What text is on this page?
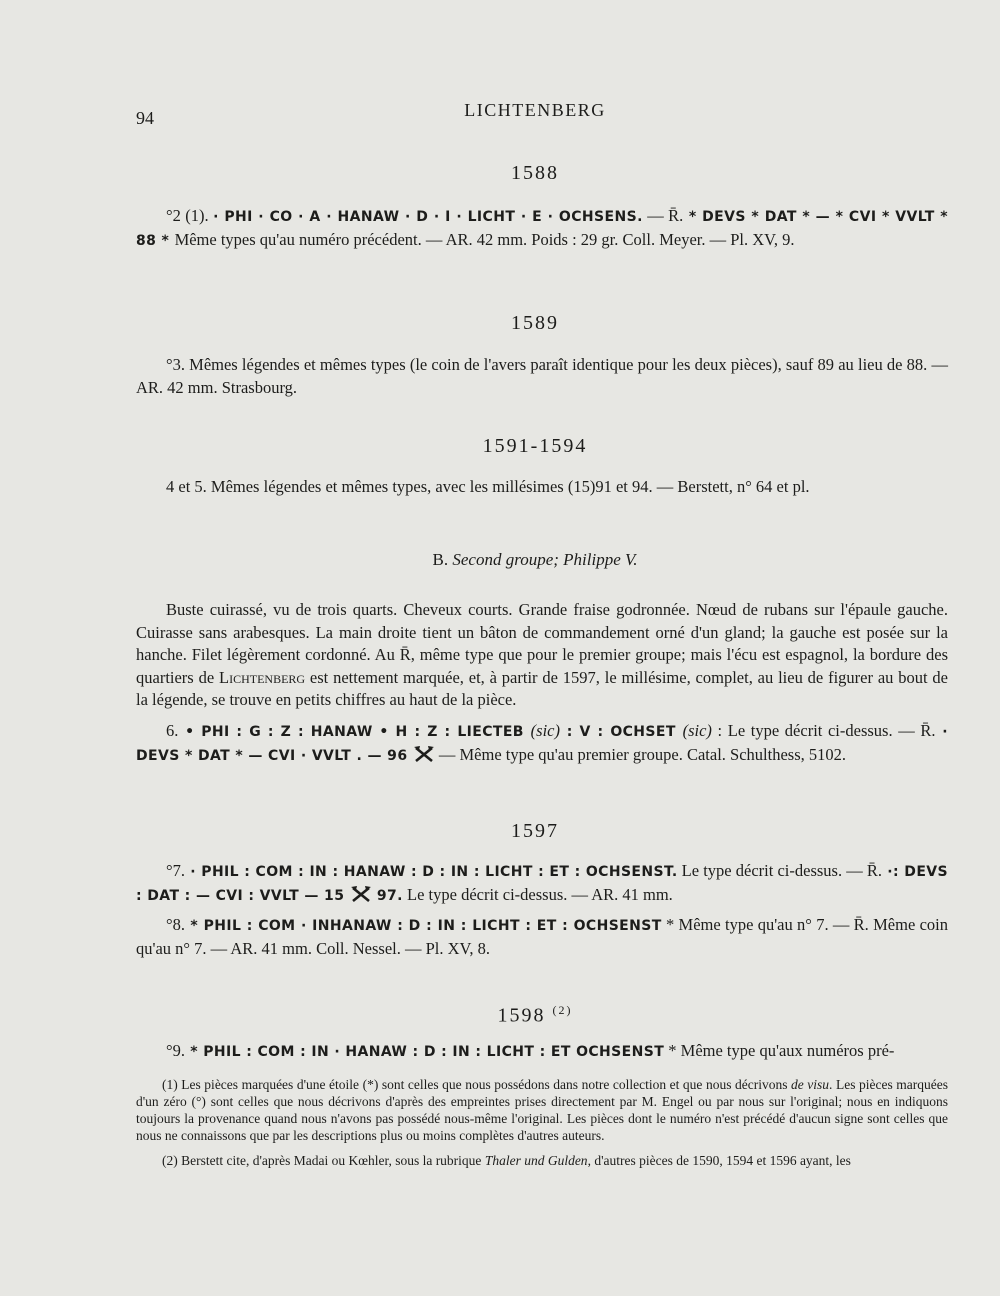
94	LICHTENBERG
1588
°2 (1). · PHI · CO · A · HANAW · D · I · LICHT · E · OCHSENS. — R̄. * DEVS * DAT * — * CVI * VVLT * 88 * Même types qu'au numéro précédent. — AR. 42 mm. Poids : 29 gr. Coll. Meyer. — Pl. XV, 9.
1589
°3. Mêmes légendes et mêmes types (le coin de l'avers paraît identique pour les deux pièces), sauf 89 au lieu de 88. — AR. 42 mm. Strasbourg.
1591-1594
4 et 5. Mêmes légendes et mêmes types, avec les millésimes (15)91 et 94. — Berstett, n° 64 et pl.
B. Second groupe; Philippe V.
Buste cuirassé, vu de trois quarts. Cheveux courts. Grande fraise godronnée. Nœud de rubans sur l'épaule gauche. Cuirasse sans arabesques. La main droite tient un bâton de commandement orné d'un gland; la gauche est posée sur la hanche. Filet légèrement cordonné. Au R̄, même type que pour le premier groupe; mais l'écu est espagnol, la bordure des quartiers de Lichtenberg est nettement marquée, et, à partir de 1597, le millésime, complet, au lieu de figurer au bout de la légende, se trouve en petits chiffres au haut de la pièce.
6. • PHI : G : Z : HANAW • H : Z : LIECTEB (sic) : V : OCHSET (sic) : Le type décrit ci-dessus. — R̄. · DEVS * DAT * — CVI · VVLT . — 96  — Même type qu'au premier groupe. Catal. Schulthess, 5102.
1597
°7. · PHIL : COM : IN : HANAW : D : IN : LICHT : ET : OCHSENST. Le type décrit ci-dessus. — R̄. ·: DEVS : DAT : — CVI : VVLT — 15  97. Le type décrit ci-dessus. — AR. 41 mm.
°8. * PHIL : COM · INHANAW : D : IN : LICHT : ET : OCHSENST * Même type qu'au n° 7. — R̄. Même coin qu'au n° 7. — AR. 41 mm. Coll. Nessel. — Pl. XV, 8.
1598 $^{(2)}$
°9. * PHIL : COM : IN · HANAW : D : IN : LICHT : ET OCHSENST * Même type qu'aux numéros pré-
(1) Les pièces marquées d'une étoile (*) sont celles que nous possédons dans notre collection et que nous décrivons de visu. Les pièces marquées d'un zéro (°) sont celles que nous décrivons d'après des empreintes prises directement par M. Engel ou par nous sur l'original; nous en indiquons toujours la provenance quand nous n'avons pas possédé nous-même l'original. Les pièces dont le numéro n'est précédé d'aucun signe sont celles que nous ne connaissons que par les descriptions plus ou moins complètes d'autres auteurs.
(2) Berstett cite, d'après Madai ou Kœhler, sous la rubrique Thaler und Gulden, d'autres pièces de 1590, 1594 et 1596 ayant, les
